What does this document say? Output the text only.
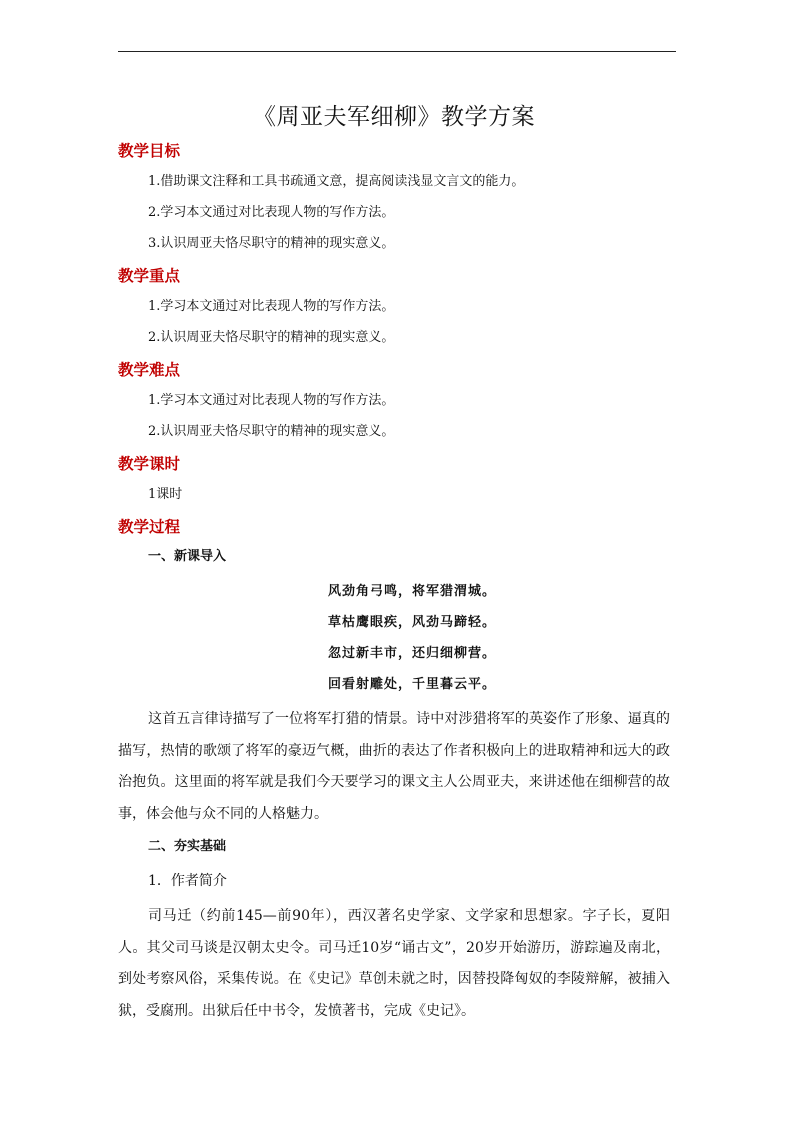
《周亚夫军细柳》教学方案
教学目标

1.借助课文注释和工具书疏通文意，提高阅读浅显文言文的能力。

2.学习本文通过对比表现人物的写作方法。

3.认识周亚夫恪尽职守的精神的现实意义。

教学重点

1.学习本文通过对比表现人物的写作方法。

2.认识周亚夫恪尽职守的精神的现实意义。

教学难点

1.学习本文通过对比表现人物的写作方法。

2.认识周亚夫恪尽职守的精神的现实意义。

教学课时

1课时

教学过程
一、新课导入

风劲角弓鸣，将军猎渭城。

草枯鹰眼疾，风劲马蹄轻。

忽过新丰市，还归细柳营。

回看射雕处，千里暮云平。

这首五言律诗描写了一位将军打猎的情景。诗中对涉猎将军的英姿作了形象、逼真的描写，热情的歌颂了将军的豪迈气概，曲折的表达了作者积极向上的进取精神和远大的政治抱负。这里面的将军就是我们今天要学习的课文主人公周亚夫，来讲述他在细柳营的故事，体会他与众不同的人格魅力。

二、夯实基础

1．作者简介

司马迁（约前145—前90年），西汉著名史学家、文学家和思想家。字子长，夏阳人。其父司马谈是汉朝太史令。司马迁10岁“诵古文”，20岁开始游历，游踪遍及南北，到处考察风俗，采集传说。在《史记》草创未就之时，因替投降匈奴的李陵辩解，被捕入狱，受腐刑。出狱后任中书令，发愤著书，完成《史记》。
